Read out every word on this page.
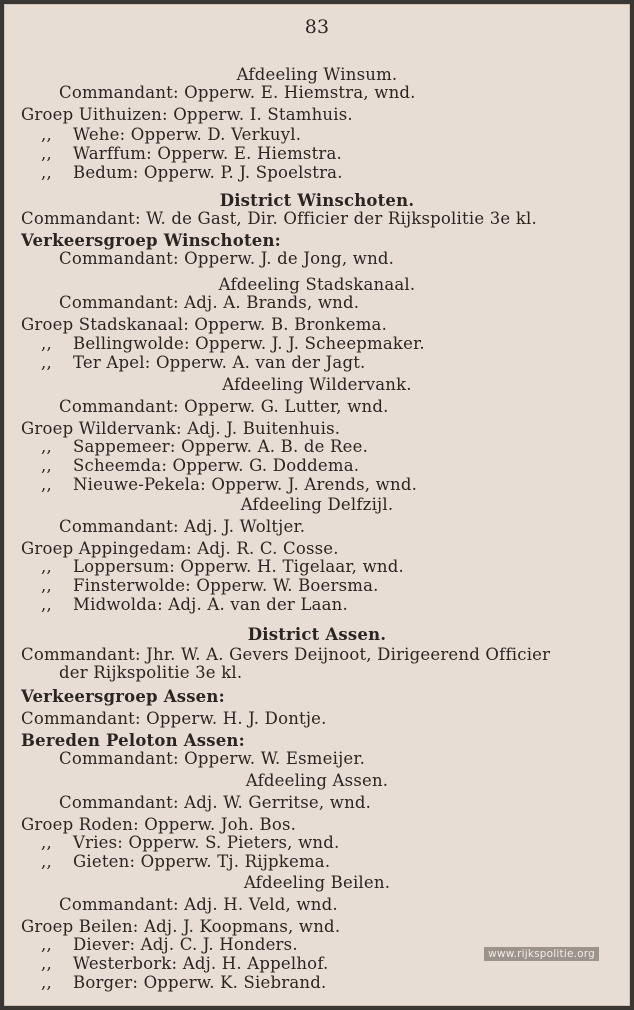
83
Afdeeling Winsum.
Commandant: Opperw. E. Hiemstra, wnd.
Groep Uithuizen: Opperw. I. Stamhuis.
,, Wehe: Opperw. D. Verkuyl.
,, Warffum: Opperw. E. Hiemstra.
,, Bedum: Opperw. P. J. Spoelstra.
District Winschoten.
Commandant: W. de Gast, Dir. Officier der Rijkspolitie 3e kl.
Verkeersgroep Winschoten:
Commandant: Opperw. J. de Jong, wnd.
Afdeeling Stadskanaal.
Commandant: Adj. A. Brands, wnd.
Groep Stadskanaal: Opperw. B. Bronkema.
,, Bellingwolde: Opperw. J. J. Scheepmaker.
,, Ter Apel: Opperw. A. van der Jagt.
Afdeeling Wildervank.
Commandant: Opperw. G. Lutter, wnd.
Groep Wildervank: Adj. J. Buitenhuis.
,, Sappemeer: Opperw. A. B. de Ree.
,, Scheemda: Opperw. G. Doddema.
,, Nieuwe-Pekela: Opperw. J. Arends, wnd.
Afdeeling Delfzijl.
Commandant: Adj. J. Woltjer.
Groep Appingedam: Adj. R. C. Cosse.
,, Loppersum: Opperw. H. Tigelaar, wnd.
,, Finsterwolde: Opperw. W. Boersma.
,, Midwolda: Adj. A. van der Laan.
District Assen.
Commandant: Jhr. W. A. Gevers Deijnoot, Dirigeerend Officier
der Rijkspolitie 3e kl.
Verkeersgroep Assen:
Commandant: Opperw. H. J. Dontje.
Bereden Peloton Assen:
Commandant: Opperw. W. Esmeijer.
Afdeeling Assen.
Commandant: Adj. W. Gerritse, wnd.
Groep Roden: Opperw. Joh. Bos.
,, Vries: Opperw. S. Pieters, wnd.
,, Gieten: Opperw. Tj. Rijpkema.
Afdeeling Beilen.
Commandant: Adj. H. Veld, wnd.
Groep Beilen: Adj. J. Koopmans, wnd.
,, Diever: Adj. C. J. Honders.
,, Westerbork: Adj. H. Appelhof.
,, Borger: Opperw. K. Siebrand.
www.rijkspolitie.org
